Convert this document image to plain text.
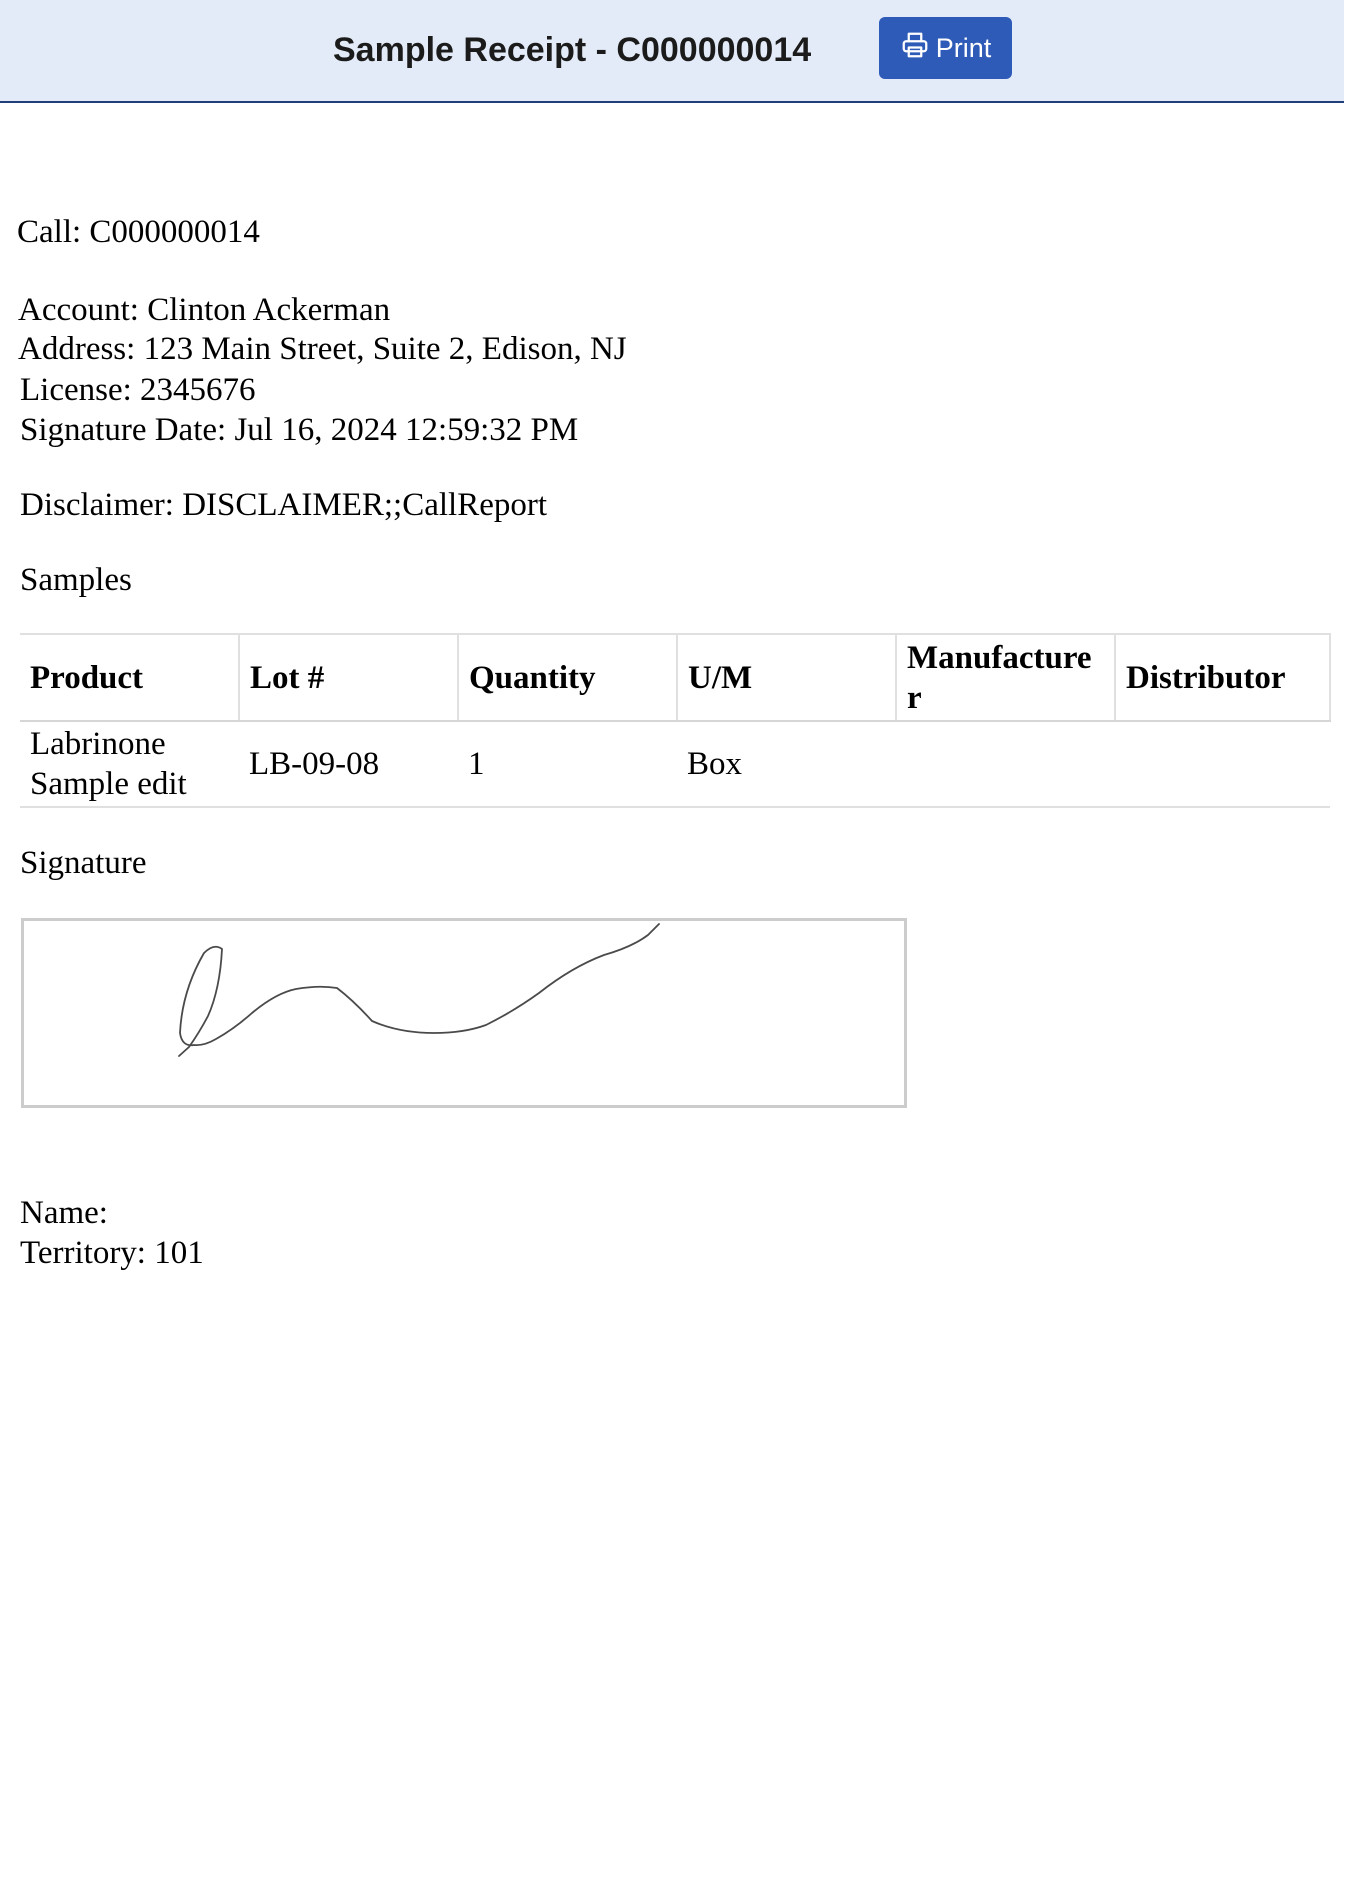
Sample Receipt - C000000014	Print
Call: C000000014
Account: Clinton Ackerman
Address: 123 Main Street, Suite 2, Edison, NJ
License: 2345676
Signature Date: Jul 16, 2024 12:59:32 PM
Disclaimer: DISCLAIMER;;CallReport
Samples
Product	Lot #	Quantity	U/M	Manufacturer	Distributor
Labrinone Sample edit	LB-09-08	1	Box		
Signature
Name:
Territory: 101
